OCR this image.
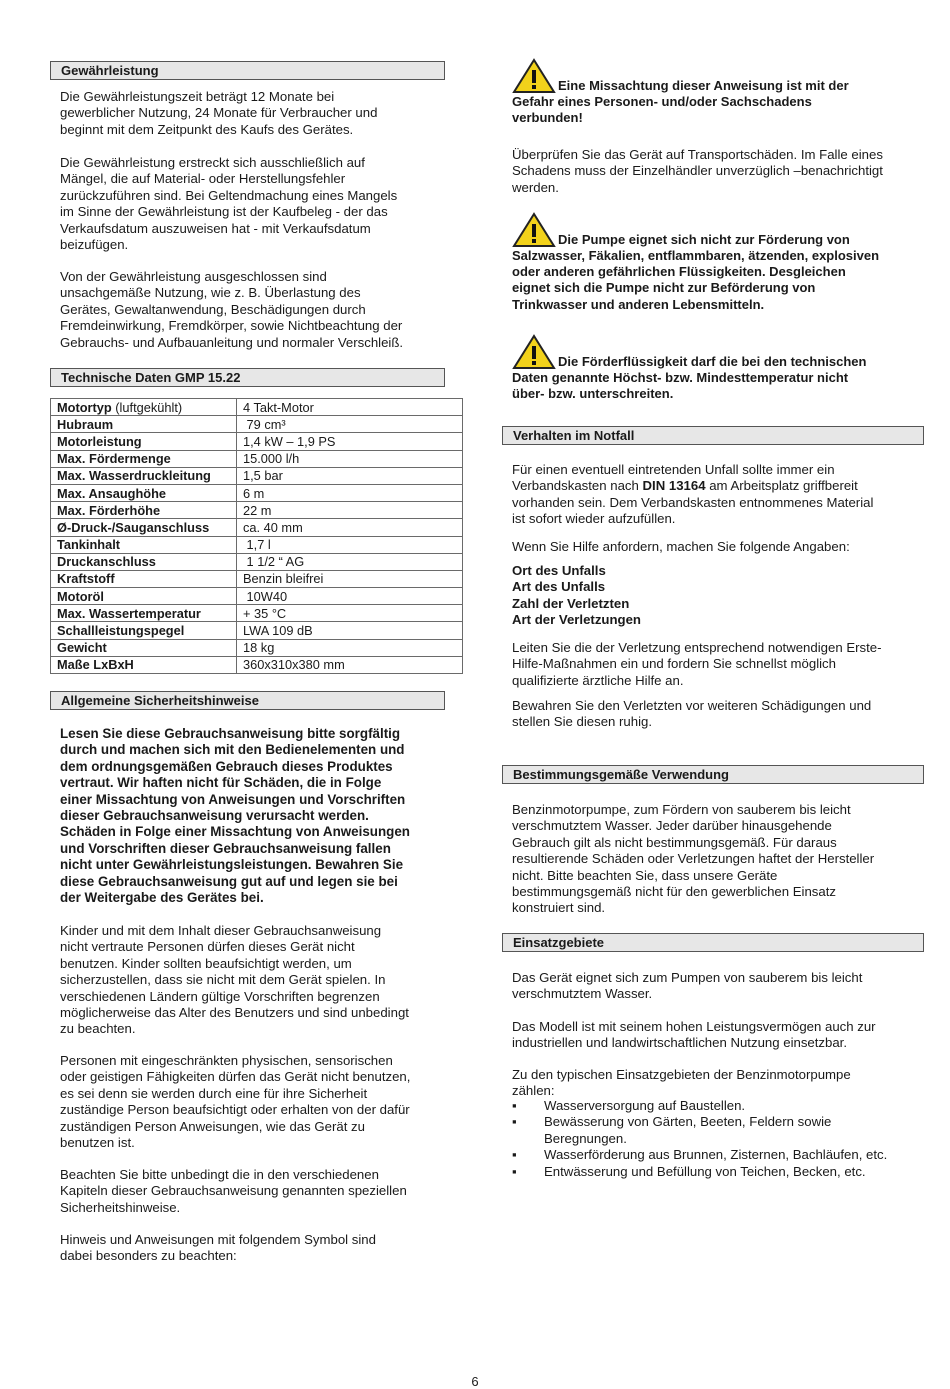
Gewährleistung

Die Gewährleistungszeit beträgt 12 Monate bei
gewerblicher Nutzung, 24 Monate für Verbraucher und
beginnt mit dem Zeitpunkt des Kaufs des Gerätes.

Die Gewährleistung erstreckt sich ausschließlich auf
Mängel, die auf Material- oder Herstellungsfehler
zurückzuführen sind. Bei Geltendmachung eines Mangels
im Sinne der Gewährleistung ist der Kaufbeleg - der das
Verkaufsdatum auszuweisen hat - mit Verkaufsdatum
beizufügen.

Von der Gewährleistung ausgeschlossen sind
unsachgemäße Nutzung, wie z. B. Überlastung des
Gerätes, Gewaltanwendung, Beschädigungen durch
Fremdeinwirkung, Fremdkörper, sowie Nichtbeachtung der
Gebrauchs- und Aufbauanleitung und normaler Verschleiß.

Technische Daten GMP 15.22
Motortyp (luftgekühlt)	4 Takt-Motor
Hubraum	79 cm³
Motorleistung	1,4 kW – 1,9 PS
Max. Fördermenge	15.000 l/h
Max. Wasserdruckleitung	1,5 bar
Max. Ansaughöhe	6 m
Max. Förderhöhe	22 m
Ø-Druck-/Sauganschluss	ca. 40 mm
Tankinhalt	1,7 l
Druckanschluss	1 1/2 “ AG
Kraftstoff	Benzin bleifrei
Motoröl	10W40
Max. Wassertemperatur	+ 35 °C
Schallleistungspegel	LWA 109 dB
Gewicht	18 kg
Maße LxBxH	360x310x380 mm
Allgemeine Sicherheitshinweise

Lesen Sie diese Gebrauchsanweisung bitte sorgfältig
durch und machen sich mit den Bedienelementen und
dem ordnungsgemäßen Gebrauch dieses Produktes
vertraut. Wir haften nicht für Schäden, die in Folge
einer Missachtung von Anweisungen und Vorschriften
dieser Gebrauchsanweisung verursacht werden.
Schäden in Folge einer Missachtung von Anweisungen
und Vorschriften dieser Gebrauchsanweisung fallen
nicht unter Gewährleistungsleistungen. Bewahren Sie
diese Gebrauchsanweisung gut auf und legen sie bei
der Weitergabe des Gerätes bei.

Kinder und mit dem Inhalt dieser Gebrauchsanweisung
nicht vertraute Personen dürfen dieses Gerät nicht
benutzen. Kinder sollten beaufsichtigt werden, um
sicherzustellen, dass sie nicht mit dem Gerät spielen. In
verschiedenen Ländern gültige Vorschriften begrenzen
möglicherweise das Alter des Benutzers und sind unbedingt
zu beachten.

Personen mit eingeschränkten physischen, sensorischen
oder geistigen Fähigkeiten dürfen das Gerät nicht benutzen,
es sei denn sie werden durch eine für ihre Sicherheit
zuständige Person beaufsichtigt oder erhalten von der dafür
zuständigen Person Anweisungen, wie das Gerät zu
benutzen ist.

Beachten Sie bitte unbedingt die in den verschiedenen
Kapiteln dieser Gebrauchsanweisung genannten speziellen
Sicherheitshinweise.

Hinweis und Anweisungen mit folgendem Symbol sind
dabei besonders zu beachten:

Eine Missachtung dieser Anweisung ist mit der
Gefahr eines Personen- und/oder Sachschadens
verbunden!

Überprüfen Sie das Gerät auf Transportschäden. Im Falle eines
Schadens muss der Einzelhändler unverzüglich –benachrichtigt
werden.

Die Pumpe eignet sich nicht zur Förderung von
Salzwasser, Fäkalien, entflammbaren, ätzenden, explosiven
oder anderen gefährlichen Flüssigkeiten. Desgleichen
eignet sich die Pumpe nicht zur Beförderung von
Trinkwasser und anderen Lebensmitteln.
Die Förderflüssigkeit darf die bei den technischen
Daten genannte Höchst- bzw. Mindesttemperatur nicht
über- bzw. unterschreiten.
Verhalten im Notfall

Für einen eventuell eintretenden Unfall sollte immer ein
Verbandskasten nach DIN 13164 am Arbeitsplatz griffbereit
vorhanden sein. Dem Verbandskasten entnommenes Material
ist sofort wieder aufzufüllen.

Wenn Sie Hilfe anfordern, machen Sie folgende Angaben:

Ort des Unfalls
Art des Unfalls
Zahl der Verletzten
Art der Verletzungen

Leiten Sie die der Verletzung entsprechend notwendigen Erste-
Hilfe-Maßnahmen ein und fordern Sie schnellst möglich
qualifizierte ärztliche Hilfe an.

Bewahren Sie den Verletzten vor weiteren Schädigungen und
stellen Sie diesen ruhig.

Bestimmungsgemäße Verwendung

Benzinmotorpumpe, zum Fördern von sauberem bis leicht
verschmutztem Wasser. Jeder darüber hinausgehende
Gebrauch gilt als nicht bestimmungsgemäß. Für daraus
resultierende Schäden oder Verletzungen haftet der Hersteller
nicht. Bitte beachten Sie, dass unsere Geräte
bestimmungsgemäß nicht für den gewerblichen Einsatz
konstruiert sind.

Einsatzgebiete

Das Gerät eignet sich zum Pumpen von sauberem bis leicht
verschmutztem Wasser.

Das Modell ist mit seinem hohen Leistungsvermögen auch zur
industriellen und landwirtschaftlichen Nutzung einsetzbar.

Zu den typischen Einsatzgebieten der Benzinmotorpumpe
zählen:

▪ Wasserversorgung auf Baustellen.
▪ Bewässerung von Gärten, Beeten, Feldern sowie
Beregnungen.
▪ Wasserförderung aus Brunnen, Zisternen, Bachläufen, etc.
▪ Entwässerung und Befüllung von Teichen, Becken, etc.
6
